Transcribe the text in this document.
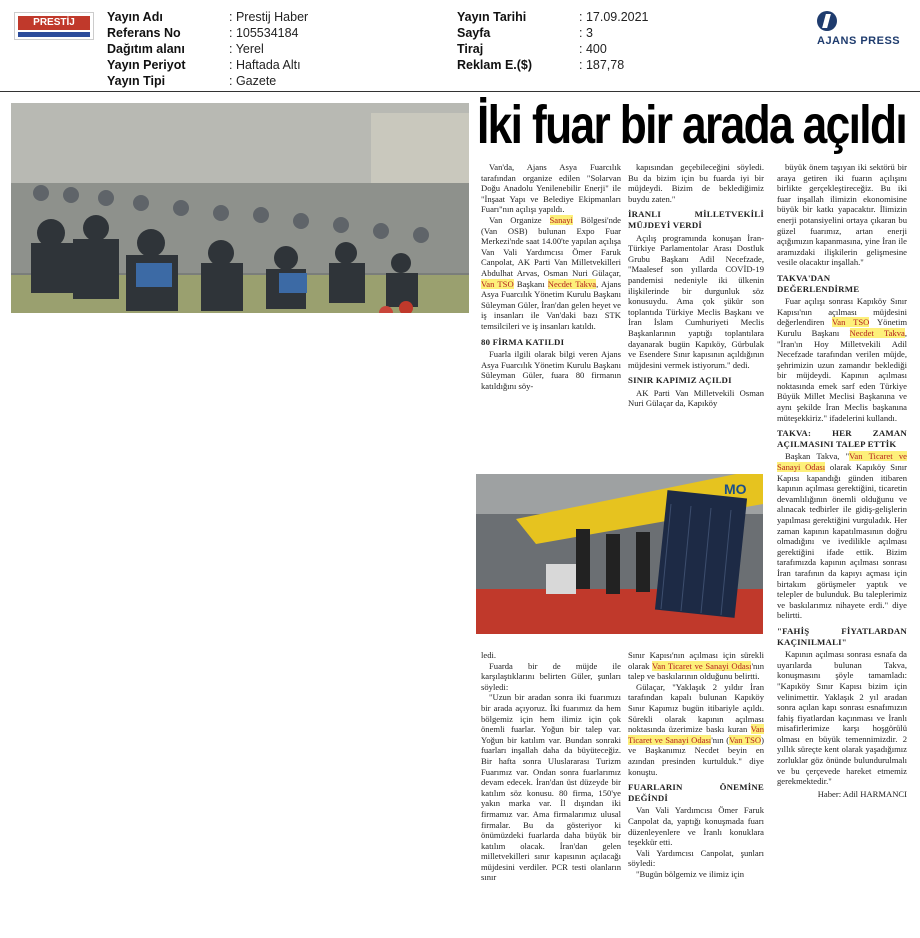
PRESTİJ	Yayın Adı	: Prestij Haber
Referans No	: 105534184
Dağıtım alanı	: Yerel
Yayın Periyot	: Haftada Altı
Yayın Tipi	: Gazete
Yayın Tarihi	: 17.09.2021
Sayfa	: 3
Tiraj	: 400
Reklam E.($)	: 187,78
AJANS PRESS
İki fuar bir arada açıldı
MO

Van'da, Ajans Asya Fuarcılık tarafından organize edilen "Solarvan Doğu Anadolu Yenilenebilir Enerji" ile "İnşaat Yapı ve Belediye Ekipmanları Fuarı"nın açılışı yapıldı.

Van Organize Sanayi Bölgesi'nde (Van OSB) bulunan Expo Fuar Merkezi'nde saat 14.00'te yapılan açılışa Van Vali Yardımcısı Ömer Faruk Canpolat, AK Parti Van Milletvekilleri Abdulhat Arvas, Osman Nuri Gülaçar, Van TSO Başkanı Necdet Takva, Ajans Asya Fuarcılık Yönetim Kurulu Başkanı Süleyman Güler, İran'dan gelen heyet ve iş insanları ile Van'daki bazı STK temsilcileri ve iş insanları katıldı.

80 FİRMA KATILDI

Fuarla ilgili olarak bilgi veren Ajans Asya Fuarcılık Yönetim Kurulu Başkanı Süleyman Güler, fuara 80 firmanın katıldığını söy-

kapısından geçebileceğini söyledi. Bu da bizim için bu fuarda iyi bir müjdeydi. Bizim de beklediğimiz buydu zaten."

İRANLI MİLLETVEKİLİ MÜJDEYİ VERDİ

Açılış programında konuşan İran-Türkiye Parlamentolar Arası Dostluk Grubu Başkanı Adil Necefzade, "Maalesef son yıllarda COVİD-19 pandemisi nedeniyle iki ülkenin ilişkilerinde bir durgunluk söz konusuydu. Ama çok şükür son toplantıda Türkiye Meclis Başkanı ve İran İslam Cumhuriyeti Meclis Başkanlarının yaptığı toplantılara dayanarak bugün Kapıköy, Gürbulak ve Esendere Sınır kapısının açıldığının müjdesini vermek istiyorum." dedi.

SINIR KAPIMIZ AÇILDI

AK Parti Van Milletvekili Osman Nuri Gülaçar da, Kapıköy

büyük önem taşıyan iki sektörü bir araya getiren iki fuarın açılışını birlikte gerçekleştireceğiz. Bu iki fuar inşallah ilimizin ekonomisine büyük bir katkı yapacaktır. İlimizin enerji potansiyelini ortaya çıkaran bu güzel fuarımız, artan enerji açığımızın kapanmasına, yine İran ile aramızdaki ilişkilerin gelişmesine vesile olacaktır inşallah."

TAKVA'DAN DEĞERLENDİRME

Fuar açılışı sonrası Kapıköy Sınır Kapısı'nın açılması müjdesini değerlendiren Van TSO Yönetim Kurulu Başkanı Necdet Takva, "İran'ın Hoy Milletvekili Adil Necefzade tarafından verilen müjde, şehrimizin uzun zamandır beklediği bir müjdeydi. Kapının açılması noktasında emek sarf eden Türkiye Büyük Millet Meclisi Başkanına ve aynı şekilde İran Meclis başkanına müteşekkiriz." ifadelerini kullandı.

TAKVA: HER ZAMAN AÇILMASINI TALEP ETTİK

Başkan Takva, "Van Ticaret ve Sanayi Odası olarak Kapıköy Sınır Kapısı kapandığı günden itibaren kapının açılması gerektiğini, ticaretin devamlılığının önemli olduğunu ve alınacak tedbirler ile gidiş-gelişlerin yapılması gerektiğini vurguladık. Her zaman kapının kapatılmasının doğru olmadığını ve ivedilikle açılması gerektiğini ifade ettik. Bizim tarafımızda kapının açılması sonrası İran tarafının da kapıyı açması için birtakım görüşmeler yaptık ve telepler de bulunduk. Bu taleplerimiz ve baskılarımız nihayete erdi." diye belirtti.

"FAHİŞ FİYATLARDAN KAÇINILMALI"

Kapının açılması sonrası esnafa da uyarılarda bulunan Takva, konuşmasını şöyle tamamladı: "Kapıköy Sınır Kapısı bizim için velinimettir. Yaklaşık 2 yıl aradan sonra açılan kapı sonrası esnafımızın fahiş fiyatlardan kaçınması ve İranlı misafirlerimize karşı hoşgörülü olması en büyük temennimizdir. 2 yıllık süreçte kent olarak yaşadığımız zorluklar göz önünde bulundurulmalı ve bu çerçevede hareket etmemiz gerekmektedir."

Haber: Adil HARMANCI

ledi.

Fuarda bir de müjde ile karşılaştıklarını belirten Güler, şunları söyledi:

"Uzun bir aradan sonra iki fuarımızı bir arada açıyoruz. İki fuarımız da hem bölgemiz için hem ilimiz için çok önemli fuarlar. Yoğun bir talep var. Yoğun bir katılım var. Bundan sonraki fuarları inşallah daha da büyüteceğiz. Bir hafta sonra Uluslararası Turizm Fuarımız var. Ondan sonra fuarlarımız devam edecek. İran'dan üst düzeyde bir katılım söz konusu. 80 firma, 150'ye yakın marka var. İl dışından iki firmamız var. Ama firmalarımız ulusal firmalar. Bu da gösteriyor ki önümüzdeki fuarlarda daha büyük bir katılım olacak. İran'dan gelen milletvekilleri sınır kapısının açılacağı müjdesini verdiler. PCR testi olanların sınır

Sınır Kapısı'nın açılması için sürekli olarak Van Ticaret ve Sanayi Odası'nın talep ve baskılarının olduğunu belirtti.

Gülaçar, "Yaklaşık 2 yıldır İran tarafından kapalı bulunan Kapıköy Sınır Kapımız bugün itibariyle açıldı. Sürekli olarak kapının açılması noktasında üzerimize baskı kuran Van Ticaret ve Sanayi Odası'nın (Van TSO) ve Başkanımız Necdet beyin en azından presinden kurtulduk." diye konuştu.

FUARLARIN ÖNEMİNE DEĞİNDİ

Van Vali Yardımcısı Ömer Faruk Canpolat da, yaptığı konuşmada fuarı düzenleyenlere ve İranlı konuklara teşekkür etti.

Vali Yardımcısı Canpolat, şunları söyledi:

"Bugün bölgemiz ve ilimiz için
